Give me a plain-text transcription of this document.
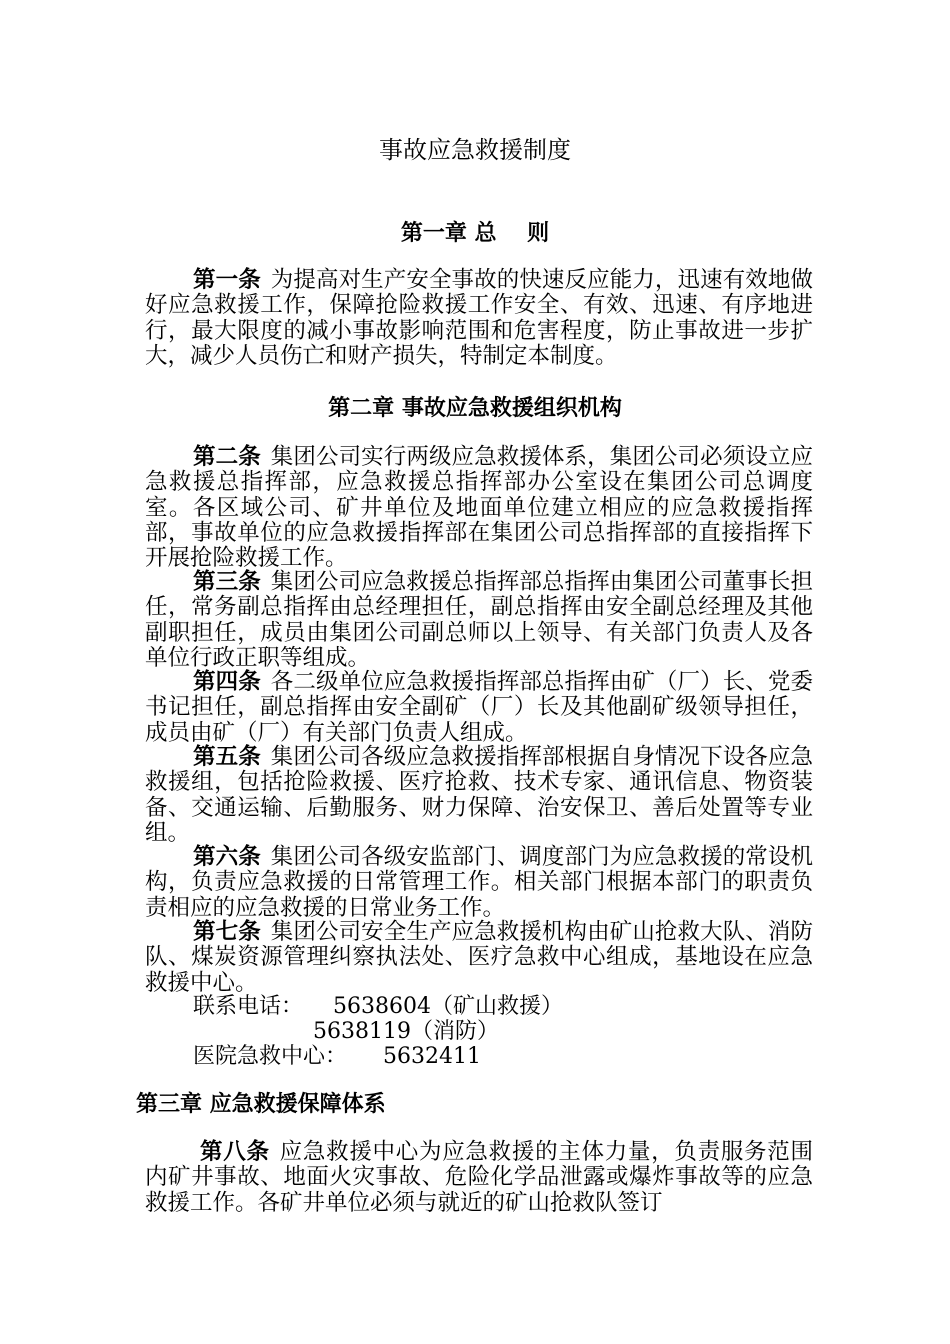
事故应急救援制度
第一章 总    则

第一条 为提高对生产安全事故的快速反应能力，迅速有效地做好应急救援工作，保障抢险救援工作安全、有效、迅速、有序地进行，最大限度的减小事故影响范围和危害程度，防止事故进一步扩大，减少人员伤亡和财产损失，特制定本制度。

第二章 事故应急救援组织机构

第二条 集团公司实行两级应急救援体系，集团公司必须设立应急救援总指挥部，应急救援总指挥部办公室设在集团公司总调度室。各区域公司、矿井单位及地面单位建立相应的应急救援指挥部，事故单位的应急救援指挥部在集团公司总指挥部的直接指挥下开展抢险救援工作。

第三条 集团公司应急救援总指挥部总指挥由集团公司董事长担任，常务副总指挥由总经理担任，副总指挥由安全副总经理及其他副职担任，成员由集团公司副总师以上领导、有关部门负责人及各单位行政正职等组成。

第四条 各二级单位应急救援指挥部总指挥由矿（厂）长、党委书记担任，副总指挥由安全副矿（厂）长及其他副矿级领导担任，成员由矿（厂）有关部门负责人组成。

第五条 集团公司各级应急救援指挥部根据自身情况下设各应急救援组，包括抢险救援、医疗抢救、技术专家、通讯信息、物资装备、交通运输、后勤服务、财力保障、治安保卫、善后处置等专业组。

第六条 集团公司各级安监部门、调度部门为应急救援的常设机构，负责应急救援的日常管理工作。相关部门根据本部门的职责负责相应的应急救援的日常业务工作。

第七条 集团公司安全生产应急救援机构由矿山抢救大队、消防队、煤炭资源管理纠察执法处、医疗急救中心组成，基地设在应急救援中心。

联系电话： 5638604（矿山救援）
5638119（消防）
医院急救中心： 5632411
第三章 应急救援保障体系

第八条 应急救援中心为应急救援的主体力量，负责服务范围内矿井事故、地面火灾事故、危险化学品泄露或爆炸事故等的应急救援工作。各矿井单位必须与就近的矿山抢救队签订
